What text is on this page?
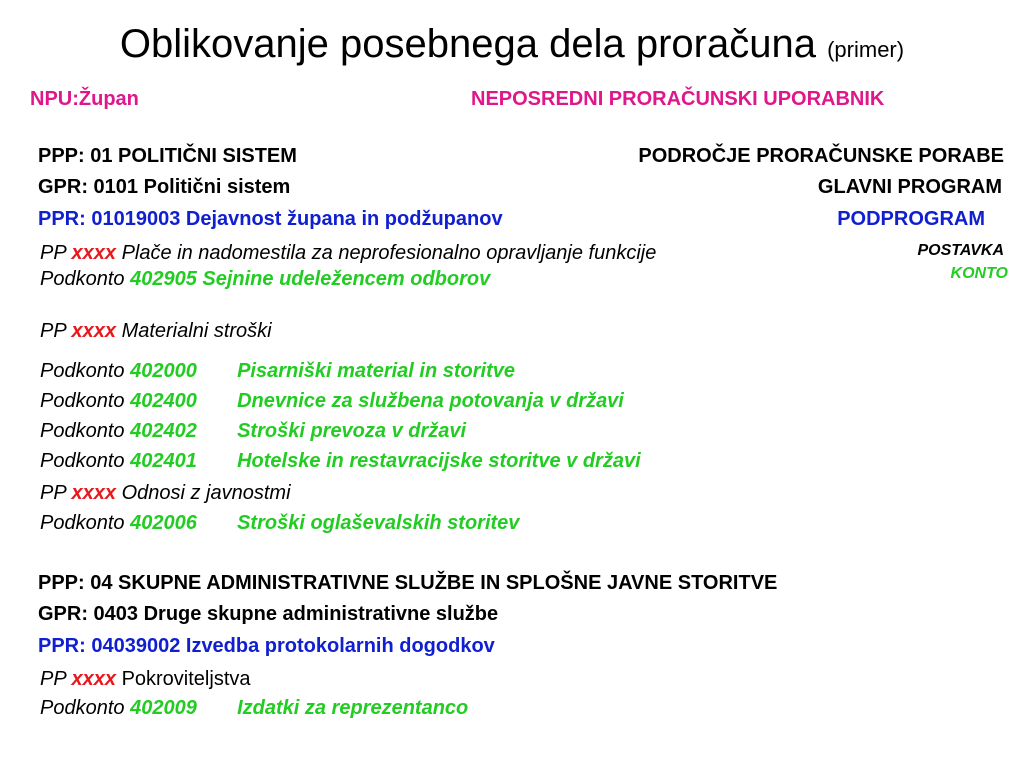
Oblikovanje posebnega dela proračuna (primer)
NPU:Župan	NEPOSREDNI PRORAČUNSKI UPORABNIK
PODROČJE PRORAČUNSKE PORABE
GLAVNI PROGRAM
PODPROGRAM
POSTAVKA
KONTO
PPP: 01 POLITIČNI SISTEM
GPR: 0101 Politični sistem
PPR: 01019003 Dejavnost župana in podžupanov
PP xxxx Plače in nadomestila za neprofesionalno opravljanje funkcije
Podkonto 402905 Sejnine udeležencem odborov
PP xxxx Materialni stroški
Podkonto 402000 Pisarniški material in storitve
Podkonto 402400 Dnevnice za službena potovanja v državi
Podkonto 402402 Stroški prevoza v državi
Podkonto 402401 Hotelske in restavracijske storitve v državi
PP xxxx Odnosi z javnostmi
Podkonto 402006 Stroški oglaševalskih storitev
PPP: 04 SKUPNE ADMINISTRATIVNE SLUŽBE IN SPLOŠNE JAVNE STORITVE
GPR: 0403 Druge skupne administrativne službe
PPR: 04039002 Izvedba protokolarnih dogodkov
PP xxxx Pokroviteljstva
Podkonto 402009 Izdatki za reprezentanco
